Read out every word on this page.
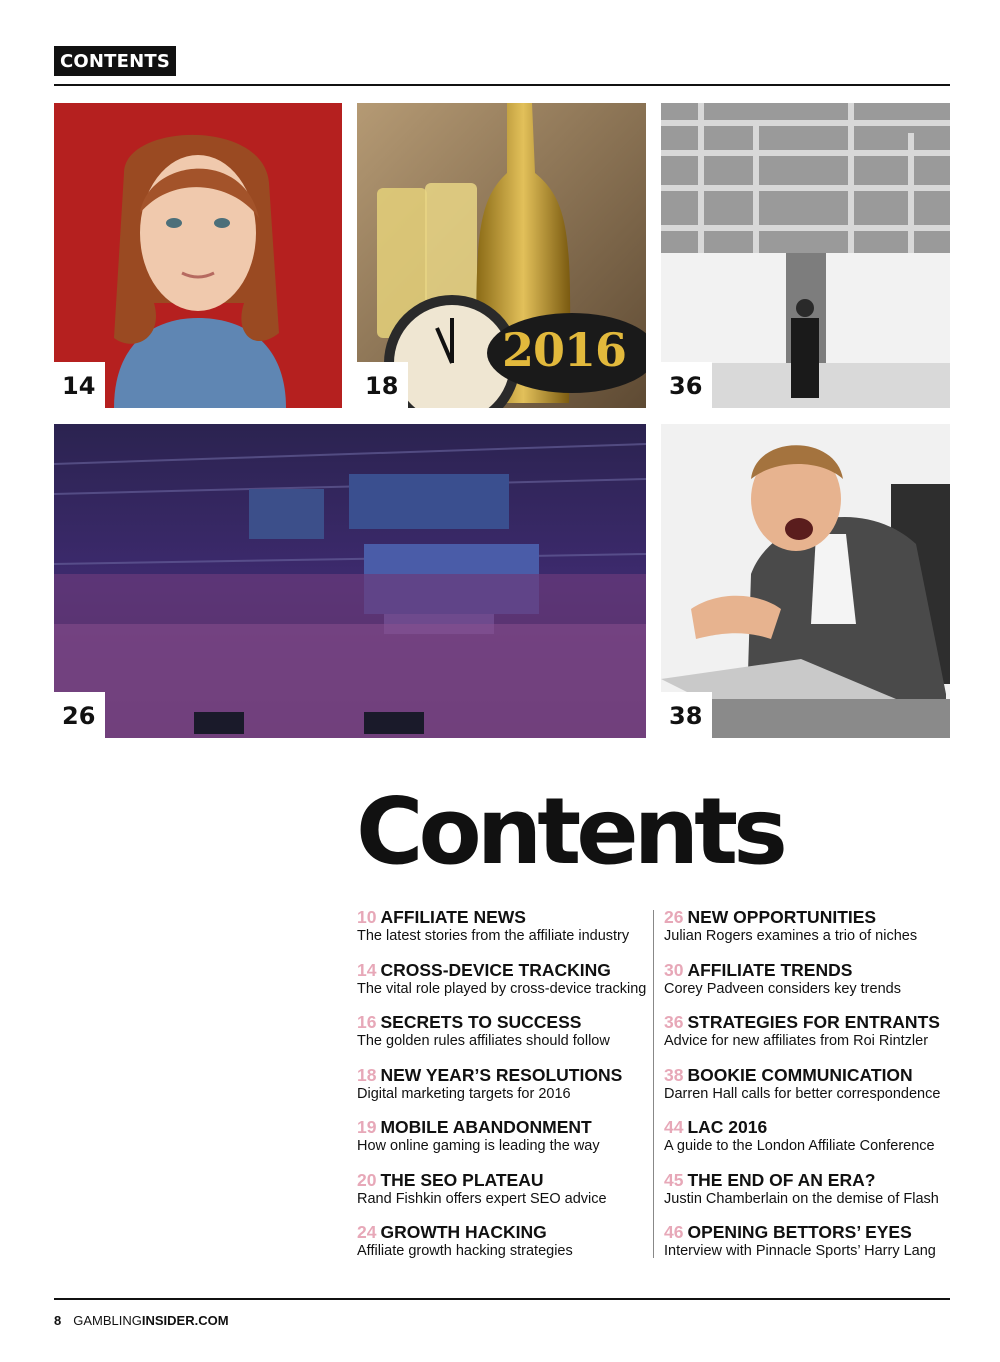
CONTENTS
14
2016
18	36
26	38
Contents
10 AFFILIATE NEWS
The latest stories from the affiliate industry
14 CROSS-DEVICE TRACKING
The vital role played by cross-device tracking
16 SECRETS TO SUCCESS
The golden rules affiliates should follow
18 NEW YEAR’S RESOLUTIONS
Digital marketing targets for 2016
19 MOBILE ABANDONMENT
How online gaming is leading the way
20 THE SEO PLATEAU
Rand Fishkin offers expert SEO advice
24 GROWTH HACKING
Affiliate growth hacking strategies
26 NEW OPPORTUNITIES
Julian Rogers examines a trio of niches
30 AFFILIATE TRENDS
Corey Padveen considers key trends
36 STRATEGIES FOR ENTRANTS
Advice for new affiliates from Roi Rintzler
38 BOOKIE COMMUNICATION
Darren Hall calls for better correspondence
44 LAC 2016
A guide to the London Affiliate Conference
45 THE END OF AN ERA?
Justin Chamberlain on the demise of Flash
46 OPENING BETTORS’ EYES
Interview with Pinnacle Sports’ Harry Lang
8 GAMBLINGINSIDER.COM
